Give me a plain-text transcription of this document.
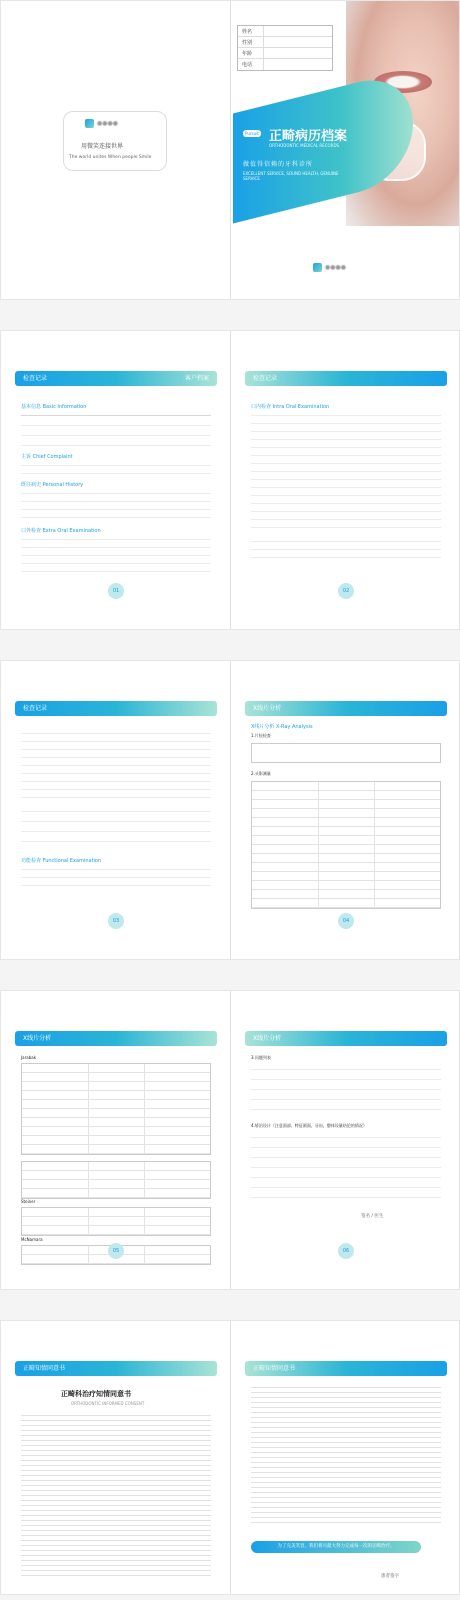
●●●●
用微笑连接世界
The world unites When people Smile
姓名
性别
年龄
电话
Pursuit 正畸病历档案
ORTHODONTIC MEDICAL RECORDS
做值得信赖的牙科诊所
EXCELLENT SERVICE, SOUND HEALTH, GENUINE SERVICE
●●●●
检查记录	客户档案
基本信息 Basic Information
主诉 Chief Complaint
既往病史 Personal History
口外检查 Extra Oral Examination
01
检查记录
口内检查 Intra Oral Examination
02
检查记录
功能检查 Functional Examination
03
X线片分析
X线片分析 X-Ray Analysis
1.片检检查
2.头影测量
04
X线片分析
Jarabak
Steiner
McNamara
05
X线片分析
3.问题列表
4.矫治设计（注意面部、特征颌面、牙齿、整体设量结论的情况）
签名 / 医生
06
正畸知情同意书
正畸科治疗知情同意书
ORTHODONTIC INFORMED CONSENT
正畸知情同意书
患者签字
为了完美笑容，我们将尽最大努力完成每一次的正畸治疗。
